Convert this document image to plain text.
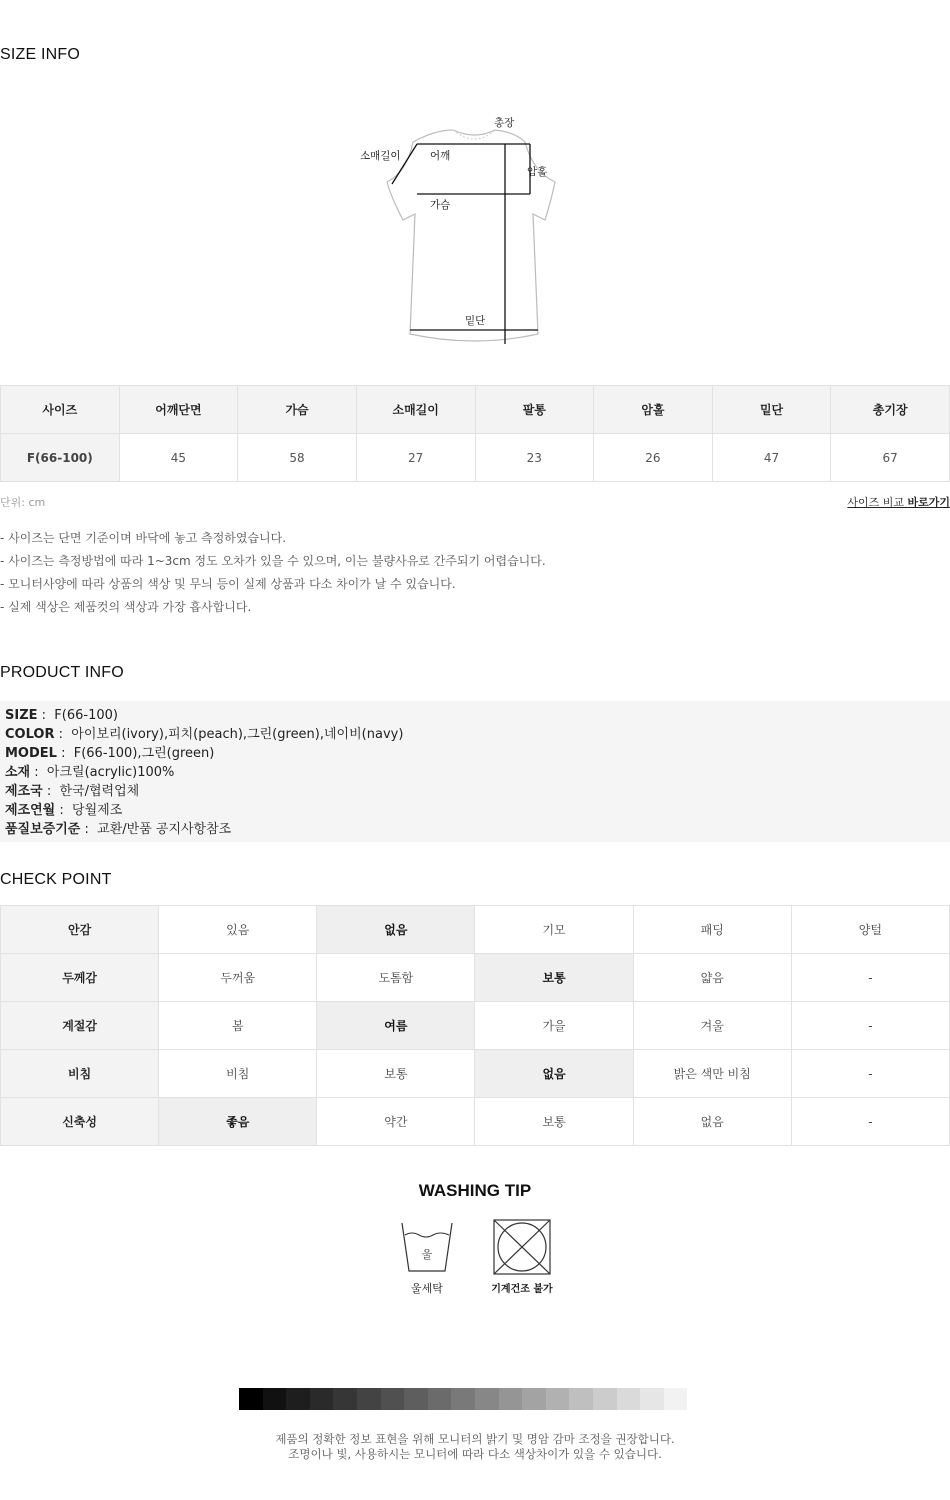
SIZE INFO
총장
소매길이	어깨
암홀
가슴
밑단
사이즈	어깨단면	가슴	소매길이	팔통	암홀	밑단	총기장
F(66-100)	45	58	27	23	26	47	67
단위: cm	사이즈 비교 바로가기
- 사이즈는 단면 기준이며 바닥에 놓고 측정하였습니다.
- 사이즈는 측정방법에 따라 1~3cm 정도 오차가 있을 수 있으며, 이는 불량사유로 간주되기 어렵습니다.
- 모니터사양에 따라 상품의 색상 및 무늬 등이 실제 상품과 다소 차이가 날 수 있습니다.
- 실제 색상은 제품컷의 색상과 가장 흡사합니다.
PRODUCT INFO
SIZE :  F(66-100)
COLOR :  아이보리(ivory),피치(peach),그린(green),네이비(navy)
MODEL :  F(66-100),그린(green)
소재 :  아크릴(acrylic)100%
제조국 :  한국/협력업체
제조연월 :  당월제조
품질보증기준 :  교환/반품 공지사항참조
CHECK POINT
안감	있음	없음	기모	패딩	양털
두께감	두꺼움	도톰함	보통	얇음	-
계절감	봄	여름	가을	겨울	-
비침	비침	보통	없음	밝은 색만 비침	-
신축성	좋음	약간	보통	없음	-
WASHING TIP
울
울세탁	기계건조 불가
제품의 정확한 정보 표현을 위해 모니터의 밝기 및 명암 감마 조정을 권장합니다.
조명이나 빛, 사용하시는 모니터에 따라 다소 색상차이가 있을 수 있습니다.
